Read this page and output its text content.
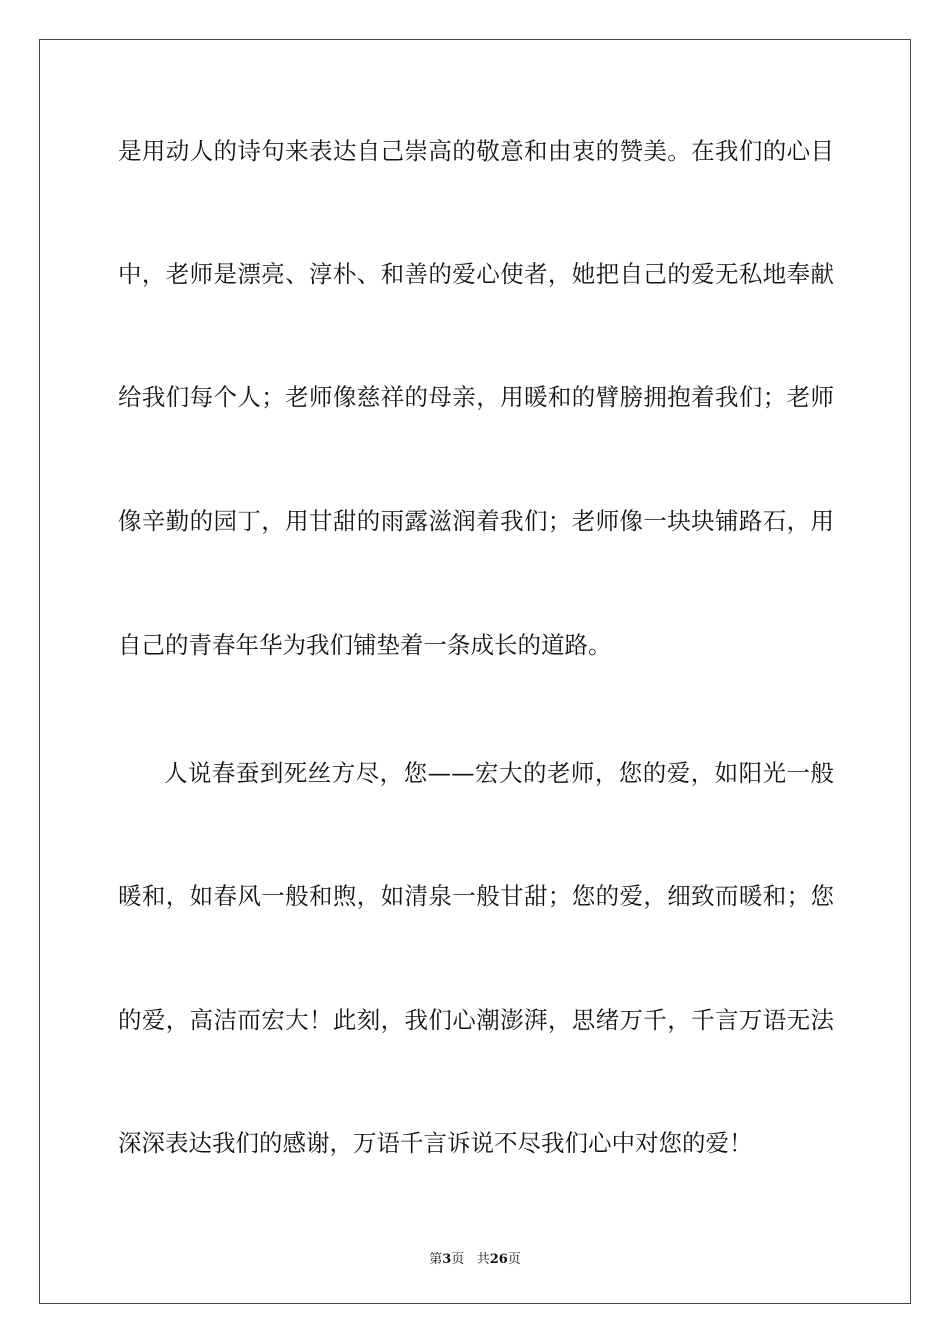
是用动人的诗句来表达自己崇高的敬意和由衷的赞美。在我们的心目
中，老师是漂亮、淳朴、和善的爱心使者，她把自己的爱无私地奉献
给我们每个人；老师像慈祥的母亲，用暖和的臂膀拥抱着我们；老师
像辛勤的园丁，用甘甜的雨露滋润着我们；老师像一块块铺路石，用
自己的青春年华为我们铺垫着一条成长的道路。
人说春蚕到死丝方尽，您——宏大的老师，您的爱，如阳光一般
暖和，如春风一般和煦，如清泉一般甘甜；您的爱，细致而暖和；您
的爱，高洁而宏大！此刻，我们心潮澎湃，思绪万千，千言万语无法
深深表达我们的感谢，万语千言诉说不尽我们心中对您的爱！
第3页 共26页
